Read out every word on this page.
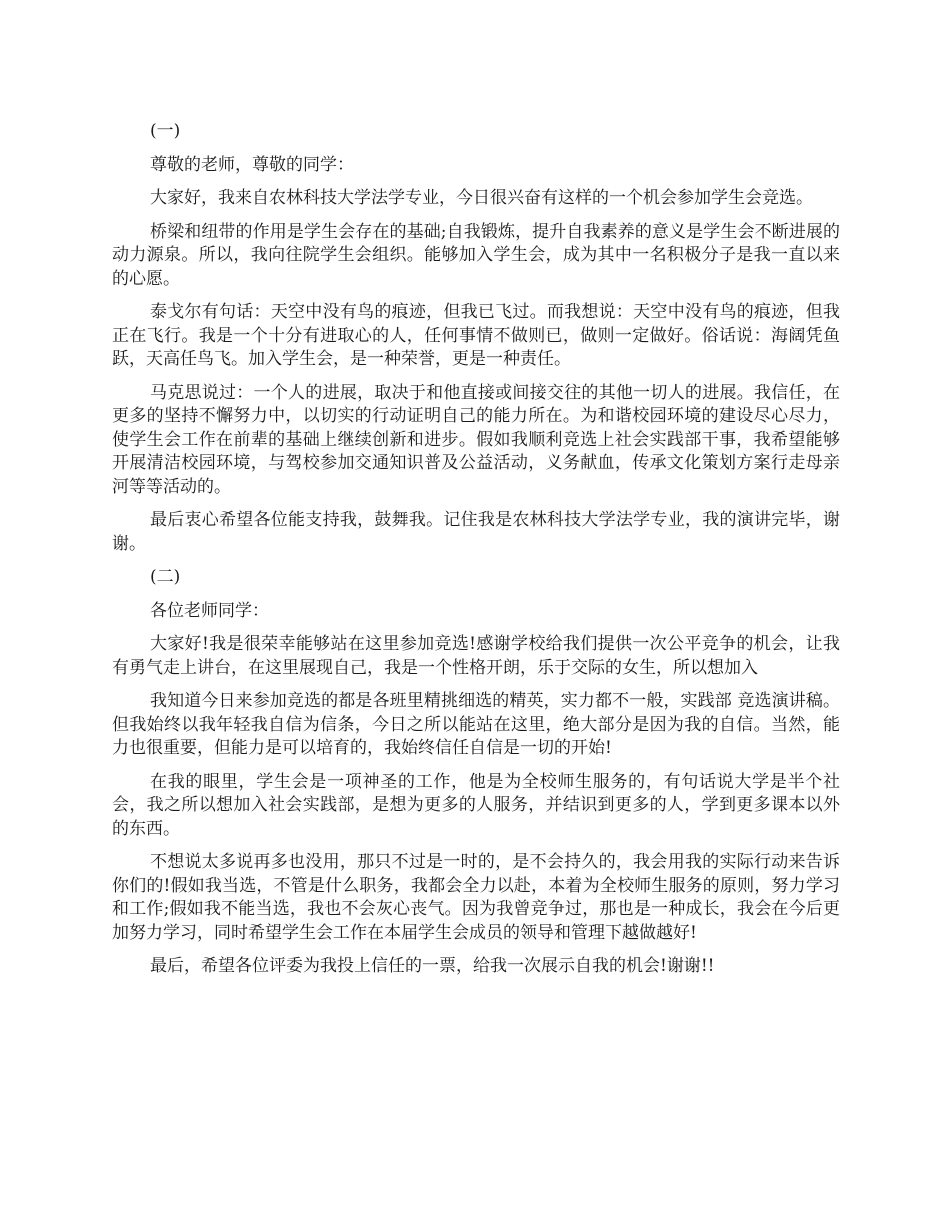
(一)

尊敬的老师，尊敬的同学：

大家好，我来自农林科技大学法学专业，今日很兴奋有这样的一个机会参加学生会竞选。

桥梁和纽带的作用是学生会存在的基础;自我锻炼，提升自我素养的意义是学生会不断进展的动力源泉。所以，我向往院学生会组织。能够加入学生会，成为其中一名积极分子是我一直以来的心愿。

泰戈尔有句话：天空中没有鸟的痕迹，但我已飞过。而我想说：天空中没有鸟的痕迹，但我正在飞行。我是一个十分有进取心的人，任何事情不做则已，做则一定做好。俗话说：海阔凭鱼跃，天高任鸟飞。加入学生会，是一种荣誉，更是一种责任。

马克思说过：一个人的进展，取决于和他直接或间接交往的其他一切人的进展。我信任，在更多的坚持不懈努力中，以切实的行动证明自己的能力所在。为和谐校园环境的建设尽心尽力，使学生会工作在前辈的基础上继续创新和进步。假如我顺利竞选上社会实践部干事，我希望能够开展清洁校园环境，与驾校参加交通知识普及公益活动，义务献血，传承文化策划方案行走母亲河等等活动的。

最后衷心希望各位能支持我，鼓舞我。记住我是农林科技大学法学专业，我的演讲完毕，谢谢。

(二)

各位老师同学：

大家好!我是很荣幸能够站在这里参加竞选!感谢学校给我们提供一次公平竞争的机会，让我有勇气走上讲台，在这里展现自己，我是一个性格开朗，乐于交际的女生，所以想加入

我知道今日来参加竞选的都是各班里精挑细选的精英，实力都不一般，实践部 竞选演讲稿。但我始终以我年轻我自信为信条，今日之所以能站在这里，绝大部分是因为我的自信。当然，能力也很重要，但能力是可以培育的，我始终信任自信是一切的开始!

在我的眼里，学生会是一项神圣的工作，他是为全校师生服务的，有句话说大学是半个社会，我之所以想加入社会实践部，是想为更多的人服务，并结识到更多的人，学到更多课本以外的东西。

不想说太多说再多也没用，那只不过是一时的，是不会持久的，我会用我的实际行动来告诉你们的!假如我当选，不管是什么职务，我都会全力以赴，本着为全校师生服务的原则，努力学习和工作;假如我不能当选，我也不会灰心丧气。因为我曾竞争过，那也是一种成长，我会在今后更加努力学习，同时希望学生会工作在本届学生会成员的领导和管理下越做越好!

最后，希望各位评委为我投上信任的一票，给我一次展示自我的机会!谢谢!!
